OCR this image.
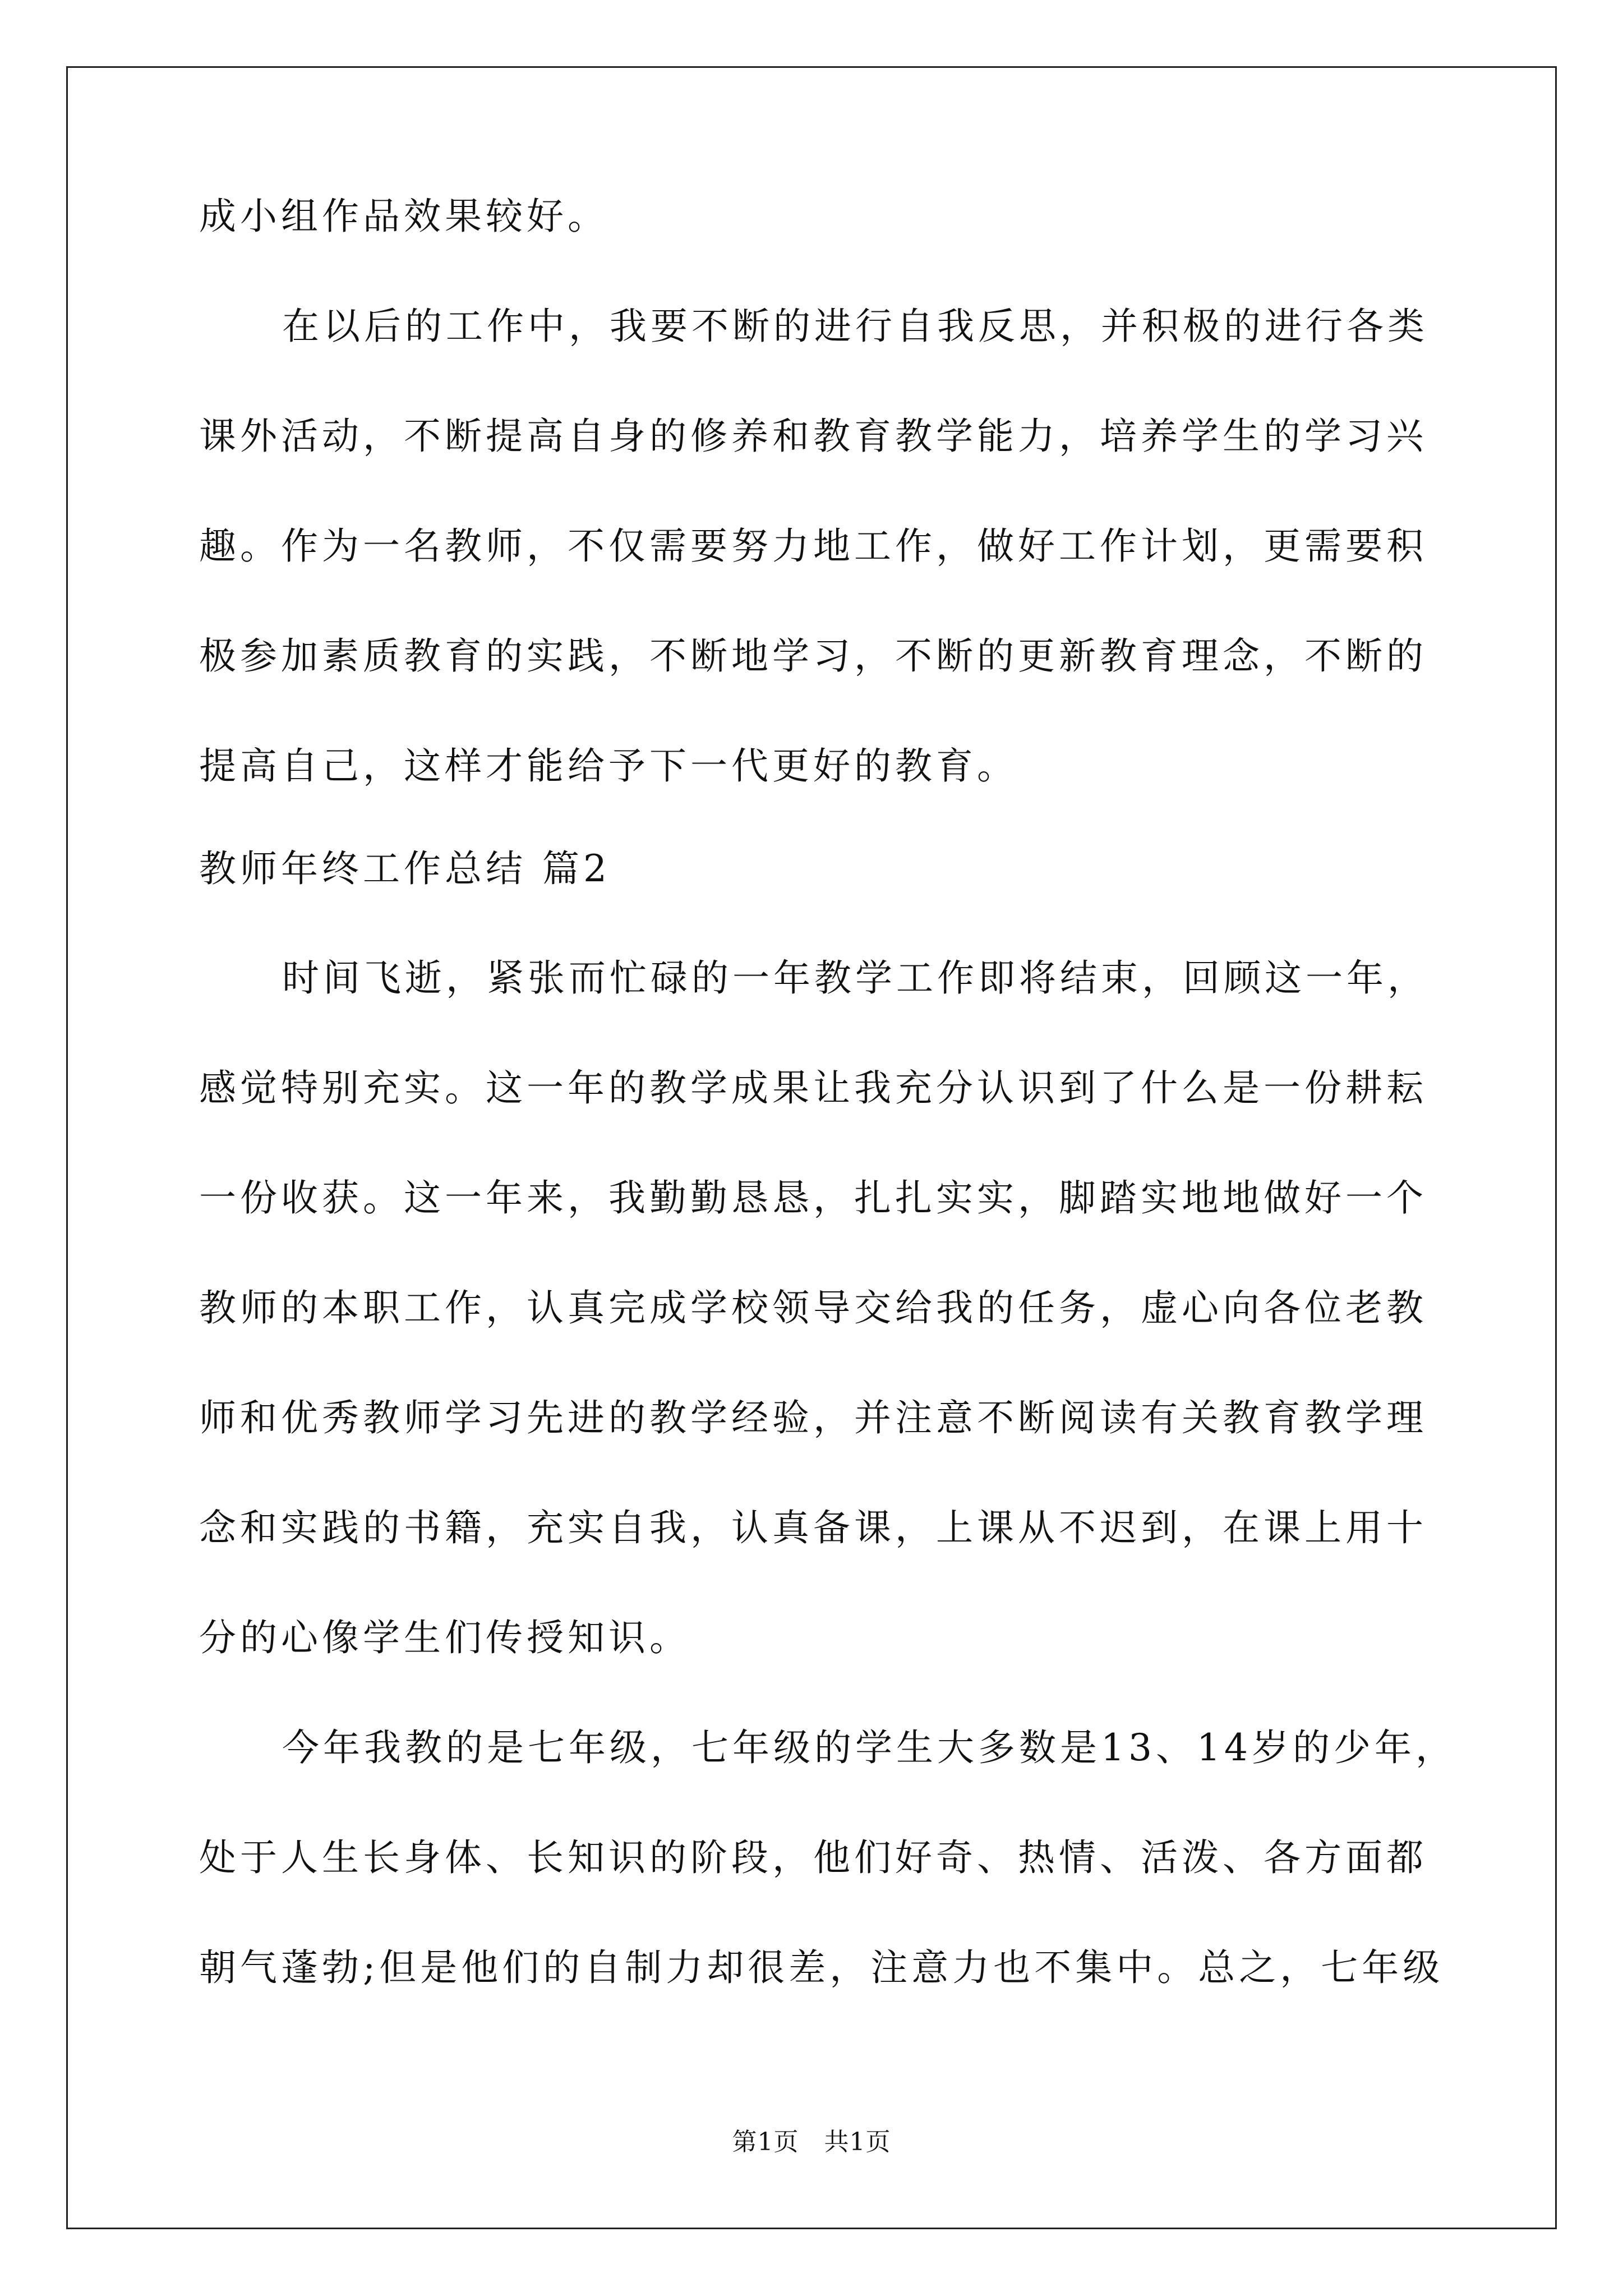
成小组作品效果较好。
在以后的工作中，我要不断的进行自我反思，并积极的进行各类
课外活动，不断提高自身的修养和教育教学能力，培养学生的学习兴
趣。作为一名教师，不仅需要努力地工作，做好工作计划，更需要积
极参加素质教育的实践，不断地学习，不断的更新教育理念，不断的
提高自己，这样才能给予下一代更好的教育。
教师年终工作总结 篇2
时间飞逝，紧张而忙碌的一年教学工作即将结束，回顾这一年，
感觉特别充实。这一年的教学成果让我充分认识到了什么是一份耕耘
一份收获。这一年来，我勤勤恳恳，扎扎实实，脚踏实地地做好一个
教师的本职工作，认真完成学校领导交给我的任务，虚心向各位老教
师和优秀教师学习先进的教学经验，并注意不断阅读有关教育教学理
念和实践的书籍，充实自我，认真备课，上课从不迟到，在课上用十
分的心像学生们传授知识。
今年我教的是七年级，七年级的学生大多数是13、14岁的少年，
处于人生长身体、长知识的阶段，他们好奇、热情、活泼、各方面都
朝气蓬勃;但是他们的自制力却很差，注意力也不集中。总之，七年级
第1页　共1页
